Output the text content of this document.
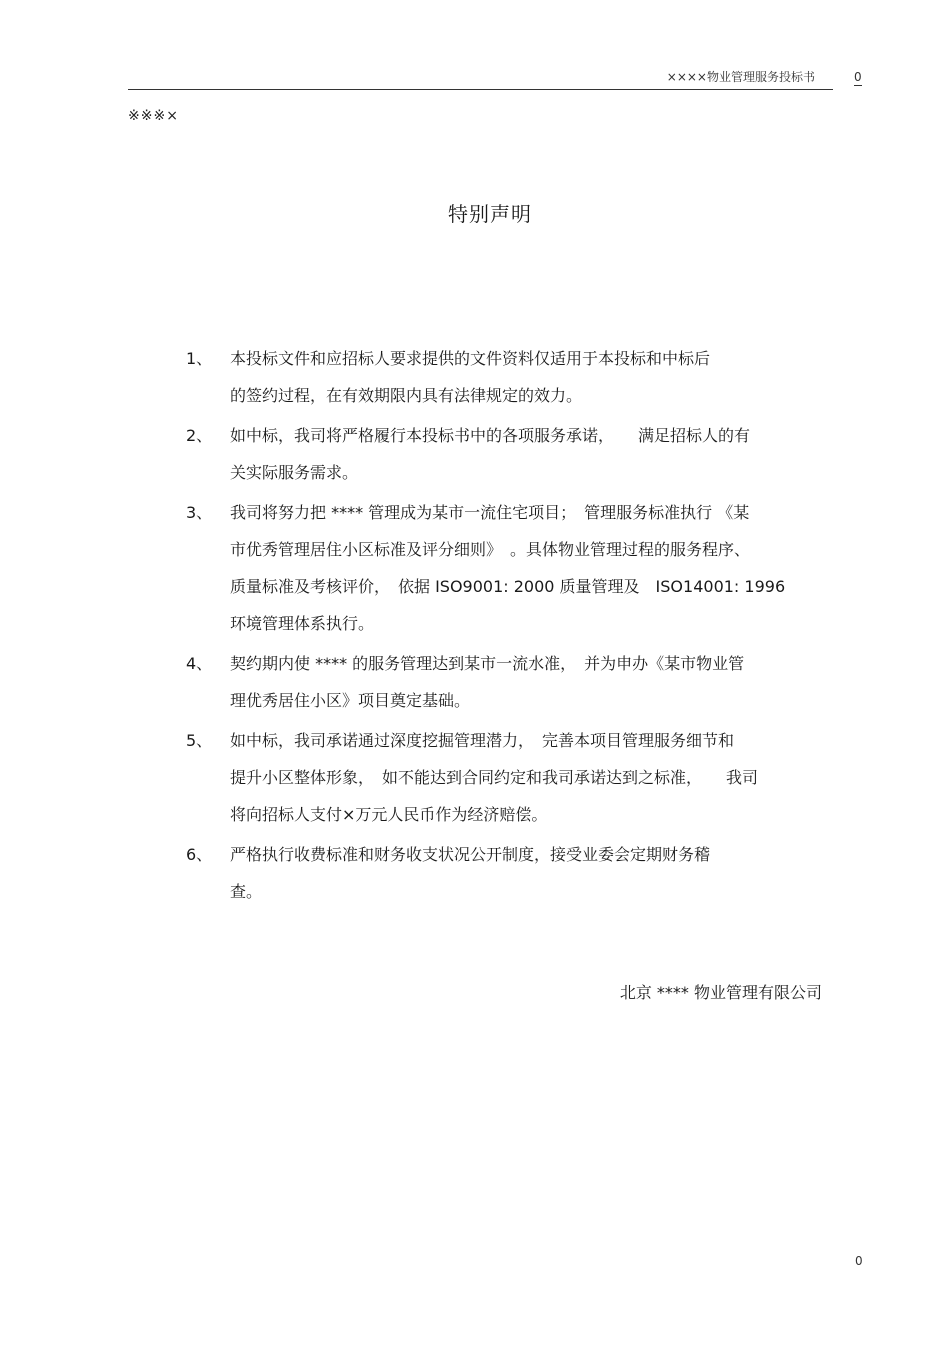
××××物业管理服务投标书	0
※※※×
特别声明
1、 本投标文件和应招标人要求提供的文件资料仅适用于本投标和中标后
的签约过程，在有效期限内具有法律规定的效力。
2、 如中标，我司将严格履行本投标书中的各项服务承诺，　　满足招标人的有
关实际服务需求。
3、 我司将努力把 **** 管理成为某市一流住宅项目；　管理服务标准执行 《某
市优秀管理居住小区标准及评分细则》　。具体物业管理过程的服务程序、
质量标准及考核评价，　依据 ISO9001: 2000 质量管理及　ISO14001: 1996
环境管理体系执行。
4、 契约期内使 **** 的服务管理达到某市一流水准，　并为申办《某市物业管
理优秀居住小区》项目奠定基础。
5、 如中标，我司承诺通过深度挖掘管理潜力，　完善本项目管理服务细节和
提升小区整体形象，　如不能达到合同约定和我司承诺达到之标准，　　我司
将向招标人支付×万元人民币作为经济赔偿。
6、 严格执行收费标准和财务收支状况公开制度，接受业委会定期财务稽
查。
北京 **** 物业管理有限公司
0
